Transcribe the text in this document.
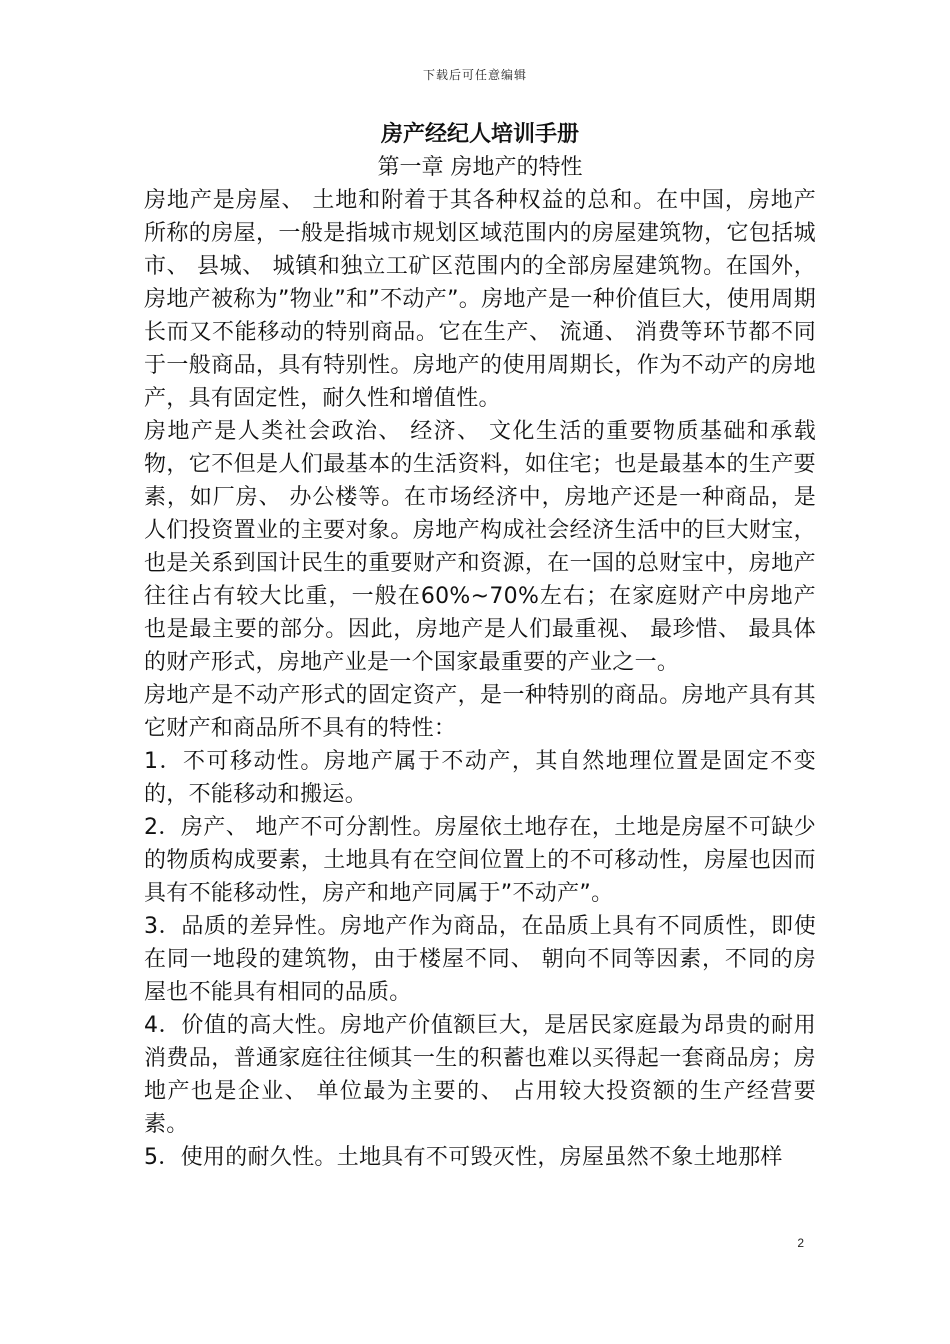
下载后可任意编辑
房产经纪人培训手册
第一章 房地产的特性

房地产是房屋、 土地和附着于其各种权益的总和。在中国，房地产所称的房屋，一般是指城市规划区域范围内的房屋建筑物，它包括城市、 县城、 城镇和独立工矿区范围内的全部房屋建筑物。在国外，房地产被称为”物业”和”不动产”。房地产是一种价值巨大，使用周期长而又不能移动的特别商品。它在生产、 流通、 消费等环节都不同于一般商品，具有特别性。房地产的使用周期长，作为不动产的房地产，具有固定性，耐久性和增值性。

房地产是人类社会政治、 经济、 文化生活的重要物质基础和承载物，它不但是人们最基本的生活资料，如住宅；也是最基本的生产要素，如厂房、 办公楼等。在市场经济中，房地产还是一种商品，是人们投资置业的主要对象。房地产构成社会经济生活中的巨大财宝，也是关系到国计民生的重要财产和资源，在一国的总财宝中，房地产往往占有较大比重，一般在60%~70%左右；在家庭财产中房地产也是最主要的部分。因此，房地产是人们最重视、 最珍惜、 最具体的财产形式，房地产业是一个国家最重要的产业之一。

房地产是不动产形式的固定资产，是一种特别的商品。房地产具有其它财产和商品所不具有的特性：

1．不可移动性。房地产属于不动产，其自然地理位置是固定不变的，不能移动和搬运。

2．房产、 地产不可分割性。房屋依土地存在，土地是房屋不可缺少的物质构成要素，土地具有在空间位置上的不可移动性，房屋也因而具有不能移动性，房产和地产同属于”不动产”。

3．品质的差异性。房地产作为商品，在品质上具有不同质性，即使在同一地段的建筑物，由于楼屋不同、 朝向不同等因素，不同的房屋也不能具有相同的品质。

4．价值的高大性。房地产价值额巨大，是居民家庭最为昂贵的耐用消费品，普通家庭往往倾其一生的积蓄也难以买得起一套商品房；房地产也是企业、 单位最为主要的、 占用较大投资额的生产经营要素。

5．使用的耐久性。土地具有不可毁灭性，房屋虽然不象土地那样

2
